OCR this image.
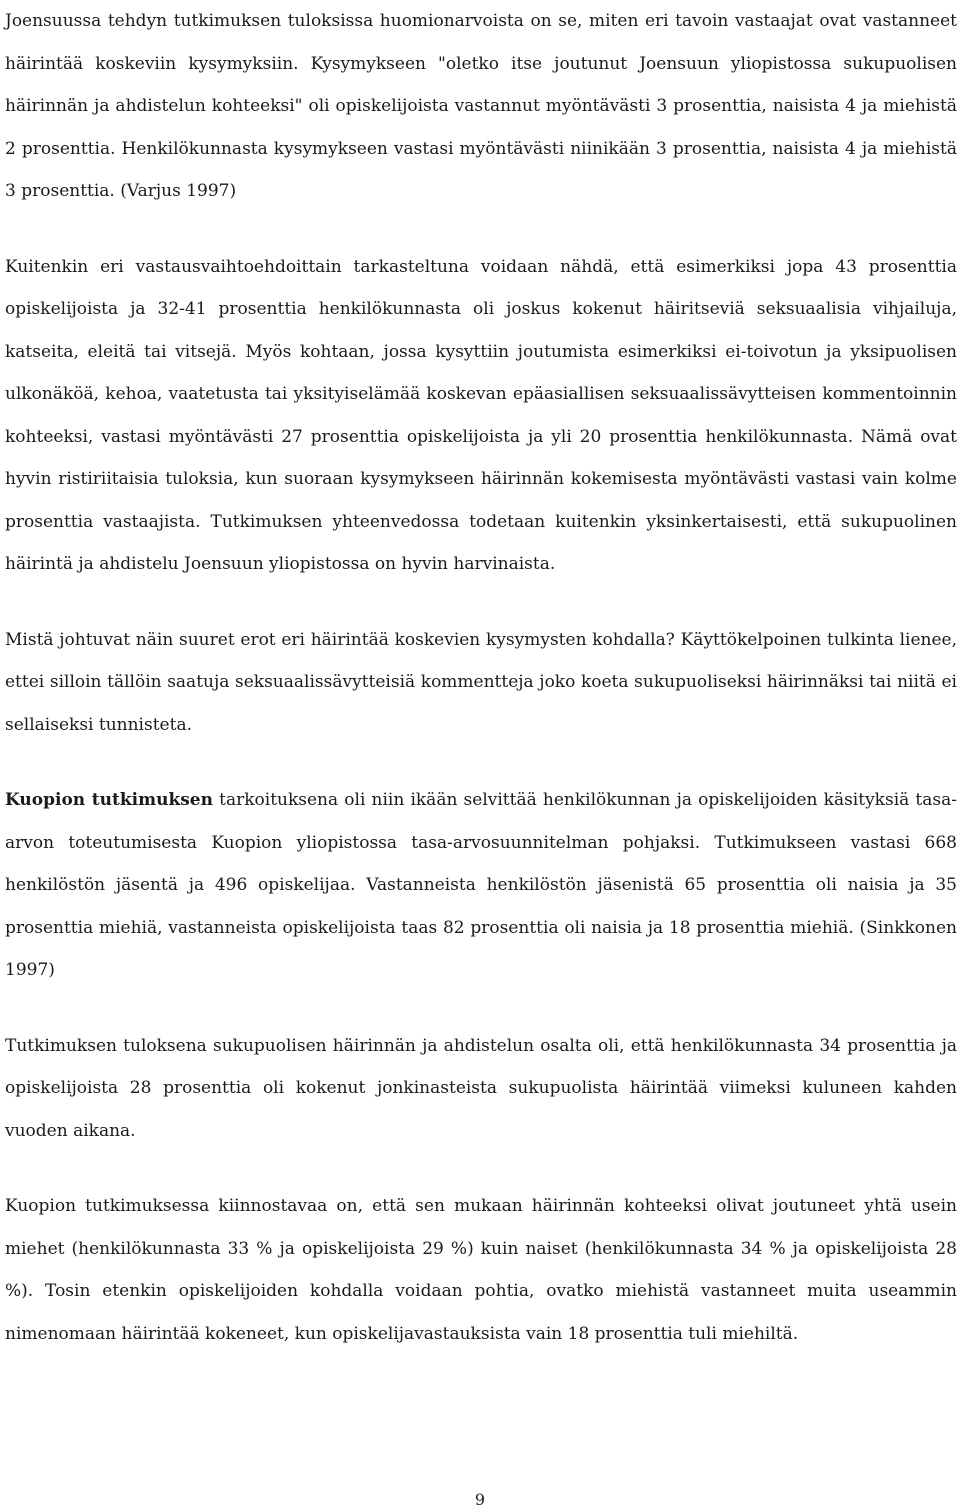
Joensuussa tehdyn tutkimuksen tuloksissa huomionarvoista on se, miten eri tavoin vastaajat ovat vastanneet häirintää koskeviin kysymyksiin. Kysymykseen "oletko itse joutunut Joensuun yliopistossa sukupuolisen häirinnän ja ahdistelun kohteeksi" oli opiskelijoista vastannut myöntävästi 3 prosenttia, naisista 4 ja miehistä 2 prosenttia. Henkilökunnasta kysymykseen vastasi myöntävästi niinikään 3 prosenttia, naisista 4 ja miehistä 3 prosenttia. (Varjus 1997)

Kuitenkin eri vastausvaihtoehdoittain tarkasteltuna voidaan nähdä, että esimerkiksi jopa 43 prosenttia opiskelijoista ja 32-41 prosenttia henkilökunnasta oli joskus kokenut häiritseviä seksuaalisia vihjailuja, katseita, eleitä tai vitsejä. Myös kohtaan, jossa kysyttiin joutumista esimerkiksi ei-toivotun ja yksipuolisen ulkonäköä, kehoa, vaatetusta tai yksityiselämää koskevan epäasiallisen seksuaalissävytteisen kommentoinnin kohteeksi, vastasi myöntävästi 27 prosenttia opiskelijoista ja yli 20 prosenttia henkilökunnasta. Nämä ovat hyvin ristiriitaisia tuloksia, kun suoraan kysymykseen häirinnän kokemisesta myöntävästi vastasi vain kolme prosenttia vastaajista. Tutkimuksen yhteenvedossa todetaan kuitenkin yksinkertaisesti, että sukupuolinen häirintä ja ahdistelu Joensuun yliopistossa on hyvin harvinaista.

Mistä johtuvat näin suuret erot eri häirintää koskevien kysymysten kohdalla? Käyttökelpoinen tulkinta lienee, ettei silloin tällöin saatuja seksuaalissävytteisiä kommentteja joko koeta sukupuoliseksi häirinnäksi tai niitä ei sellaiseksi tunnisteta.

Kuopion tutkimuksen tarkoituksena oli niin ikään selvittää henkilökunnan ja opiskelijoiden käsityksiä tasa-arvon toteutumisesta Kuopion yliopistossa tasa-arvosuunnitelman pohjaksi. Tutkimukseen vastasi 668 henkilöstön jäsentä ja 496 opiskelijaa. Vastanneista henkilöstön jäsenistä 65 prosenttia oli naisia ja 35 prosenttia miehiä, vastanneista opiskelijoista taas 82 prosenttia oli naisia ja 18 prosenttia miehiä. (Sinkkonen 1997)

Tutkimuksen tuloksena sukupuolisen häirinnän ja ahdistelun osalta oli, että henkilökunnasta 34 prosenttia ja opiskelijoista 28 prosenttia oli kokenut jonkinasteista sukupuolista häirintää viimeksi kuluneen kahden vuoden aikana.

Kuopion tutkimuksessa kiinnostavaa on, että sen mukaan häirinnän kohteeksi olivat joutuneet yhtä usein miehet (henkilökunnasta 33 % ja opiskelijoista 29 %) kuin naiset (henkilökunnasta 34 % ja opiskelijoista 28 %). Tosin etenkin opiskelijoiden kohdalla voidaan pohtia, ovatko miehistä vastanneet muita useammin nimenomaan häirintää kokeneet, kun opiskelijavastauksista vain 18 prosenttia tuli miehiltä.

9
